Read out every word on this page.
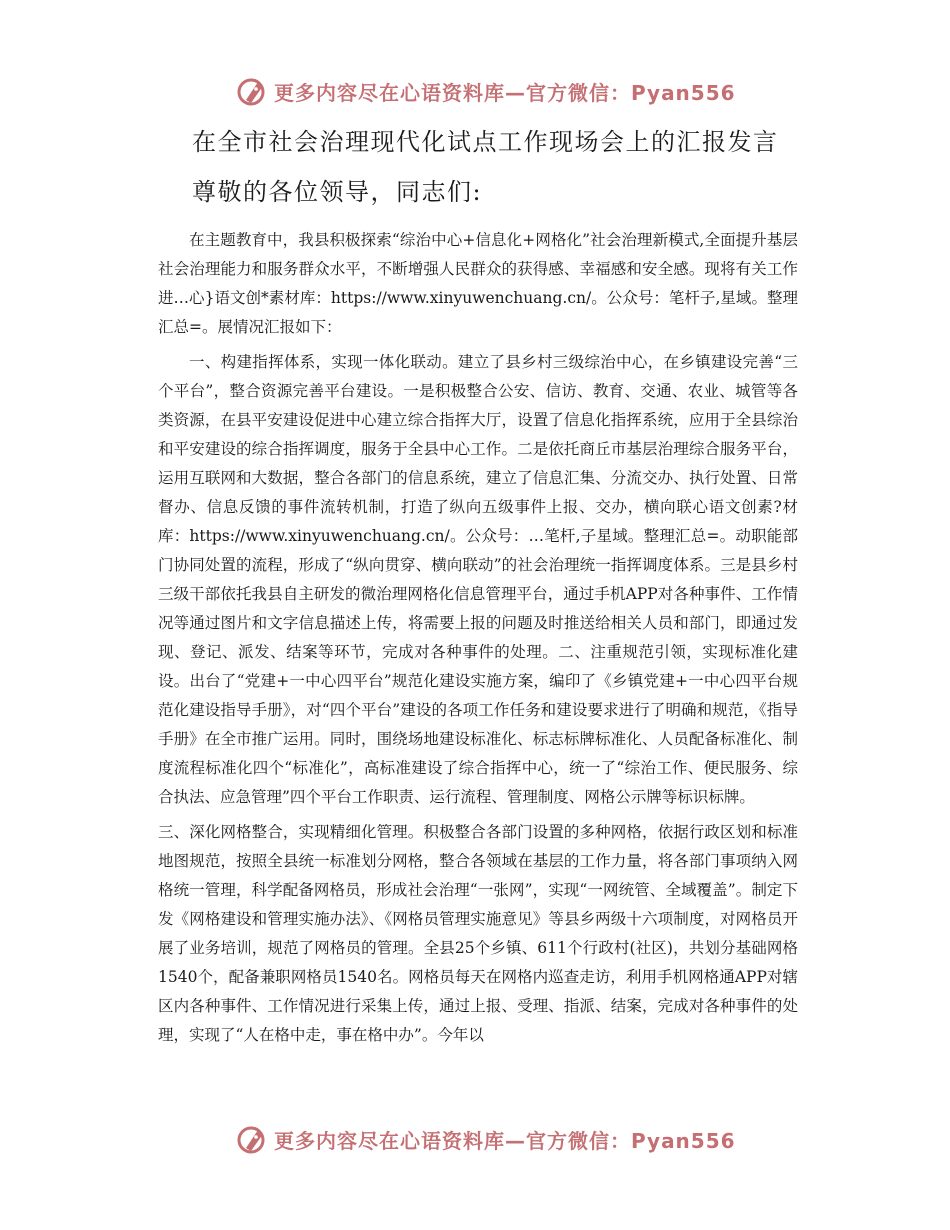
更多内容尽在心语资料库—官方微信：Pyan556
在全市社会治理现代化试点工作现场会上的汇报发言
尊敬的各位领导，同志们:

在主题教育中，我县积极探索“综治中心+信息化+网格化”社会治理新模式,全面提升基层社会治理能力和服务群众水平，不断增强人民群众的获得感、幸福感和安全感。现将有关工作进…心}语文创*素材库：https://www.xinyuwenchuang.cn/。公众号：笔杆子,星域。整理汇总=。展情况汇报如下：

一、构建指挥体系，实现一体化联动。建立了县乡村三级综治中心，在乡镇建设完善“三个平台”，整合资源完善平台建设。一是积极整合公安、信访、教育、交通、农业、城管等各类资源，在县平安建设促进中心建立综合指挥大厅，设置了信息化指挥系统，应用于全县综治和平安建设的综合指挥调度，服务于全县中心工作。二是依托商丘市基层治理综合服务平台，运用互联网和大数据，整合各部门的信息系统，建立了信息汇集、分流交办、执行处置、日常督办、信息反馈的事件流转机制，打造了纵向五级事件上报、交办，横向联心语文创素?材库：https://www.xinyuwenchuang.cn/。公众号：…笔杆,子星域。整理汇总=。动职能部门协同处置的流程，形成了“纵向贯穿、横向联动”的社会治理统一指挥调度体系。三是县乡村三级干部依托我县自主研发的微治理网格化信息管理平台，通过手机APP对各种事件、工作情况等通过图片和文字信息描述上传，将需要上报的问题及时推送给相关人员和部门，即通过发现、登记、派发、结案等环节，完成对各种事件的处理。二、注重规范引领，实现标准化建设。出台了“党建+一中心四平台”规范化建设实施方案，编印了《乡镇党建+一中心四平台规范化建设指导手册》，对“四个平台”建设的各项工作任务和建设要求进行了明确和规范，《指导手册》在全市推广运用。同时，围绕场地建设标准化、标志标牌标准化、人员配备标准化、制度流程标准化四个“标准化”，高标准建设了综合指挥中心，统一了“综治工作、便民服务、综合执法、应急管理”四个平台工作职责、运行流程、管理制度、网格公示牌等标识标牌。

三、深化网格整合，实现精细化管理。积极整合各部门设置的多种网格，依据行政区划和标准地图规范，按照全县统一标准划分网格，整合各领域在基层的工作力量，将各部门事项纳入网格统一管理，科学配备网格员，形成社会治理“一张网”，实现“一网统管、全域覆盖”。制定下发《网格建设和管理实施办法》、《网格员管理实施意见》等县乡两级十六项制度，对网格员开展了业务培训，规范了网格员的管理。全县25个乡镇、611个行政村(社区)，共划分基础网格1540个，配备兼职网格员1540名。网格员每天在网格内巡查走访，利用手机网格通APP对辖区内各种事件、工作情况进行采集上传，通过上报、受理、指派、结案，完成对各种事件的处理，实现了“人在格中走，事在格中办”。今年以

更多内容尽在心语资料库—官方微信：Pyan556
